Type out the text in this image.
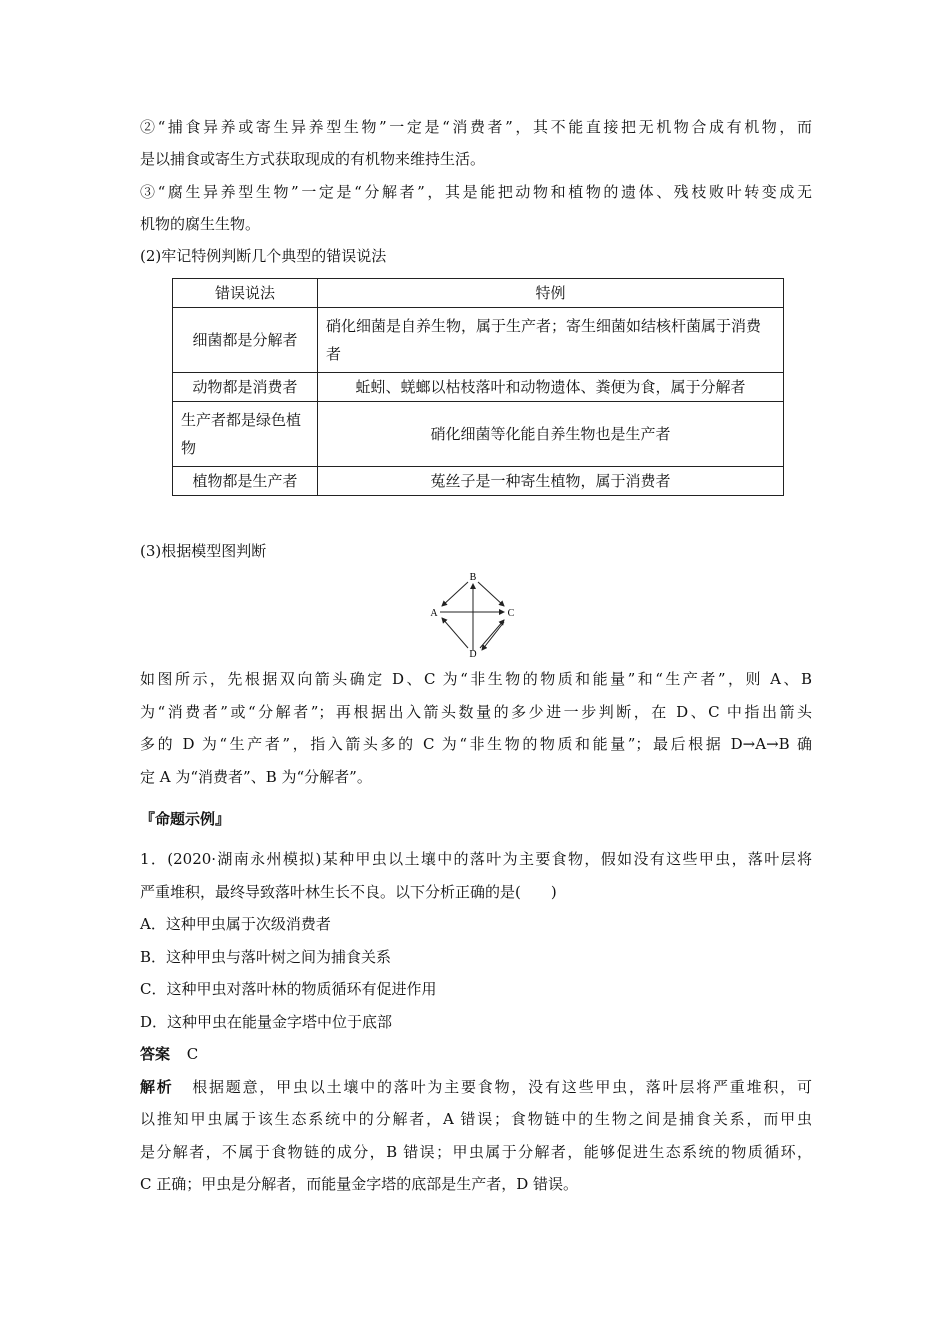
②“捕食异养或寄生异养型生物”一定是“消费者”，其不能直接把无机物合成有机物，而
是以捕食或寄生方式获取现成的有机物来维持生活。
③“腐生异养型生物”一定是“分解者”，其是能把动物和植物的遗体、残枝败叶转变成无
机物的腐生生物。
(2)牢记特例判断几个典型的错误说法
错误说法	特例
细菌都是分解者	硝化细菌是自养生物，属于生产者；寄生细菌如结核杆菌属于消费者
动物都是消费者	蚯蚓、蜣螂以枯枝落叶和动物遗体、粪便为食，属于分解者
生产者都是绿色植物	硝化细菌等化能自养生物也是生产者
植物都是生产者	菟丝子是一种寄生植物，属于消费者
(3)根据模型图判断
B
A	C
D
如图所示，先根据双向箭头确定 D、C 为“非生物的物质和能量”和“生产者”，则 A、B
为“消费者”或“分解者”；再根据出入箭头数量的多少进一步判断，在 D、C 中指出箭头
多的 D 为“生产者”，指入箭头多的 C 为“非生物的物质和能量”；最后根据 D→A→B 确
定 A 为“消费者”、B 为“分解者”。
『命题示例』
1．(2020·湖南永州模拟)某种甲虫以土壤中的落叶为主要食物，假如没有这些甲虫，落叶层将
严重堆积，最终导致落叶林生长不良。以下分析正确的是(　　)
A．这种甲虫属于次级消费者
B．这种甲虫与落叶树之间为捕食关系
C．这种甲虫对落叶林的物质循环有促进作用
D．这种甲虫在能量金字塔中位于底部
答案 C
解析 根据题意，甲虫以土壤中的落叶为主要食物，没有这些甲虫，落叶层将严重堆积，可
以推知甲虫属于该生态系统中的分解者，A 错误；食物链中的生物之间是捕食关系，而甲虫
是分解者，不属于食物链的成分，B 错误；甲虫属于分解者，能够促进生态系统的物质循环，
C 正确；甲虫是分解者，而能量金字塔的底部是生产者，D 错误。
